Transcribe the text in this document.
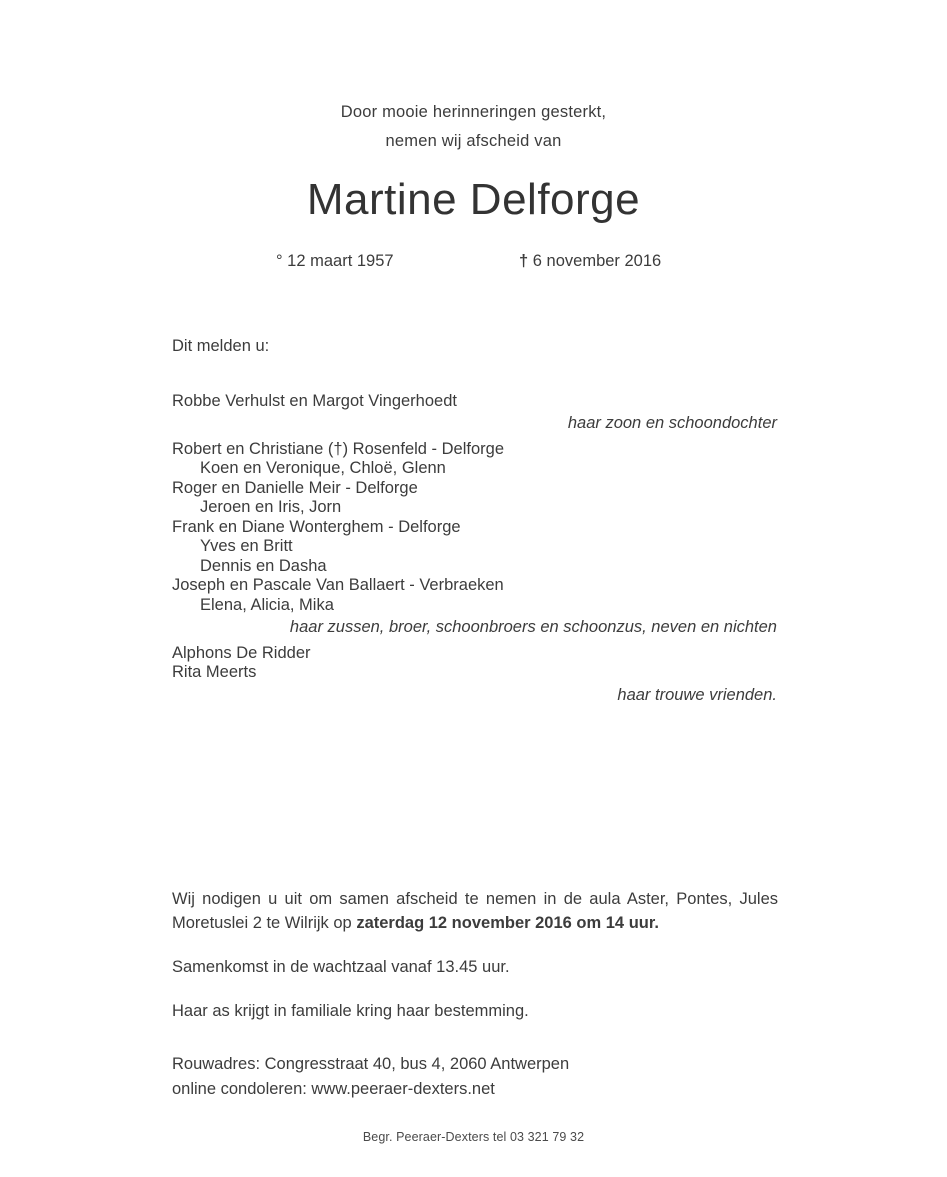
Door mooie herinneringen gesterkt,
nemen wij afscheid van
Martine Delforge
° 12 maart 1957	† 6 november 2016
Dit melden u:
Robbe Verhulst en Margot Vingerhoedt
haar zoon en schoondochter
Robert en Christiane (†) Rosenfeld - Delforge
Koen en Veronique, Chloë, Glenn
Roger en Danielle Meir - Delforge
Jeroen en Iris, Jorn
Frank en Diane Wonterghem - Delforge
Yves en Britt
Dennis en Dasha
Joseph en Pascale Van Ballaert - Verbraeken
Elena, Alicia, Mika
haar zussen, broer, schoonbroers en schoonzus, neven en nichten
Alphons De Ridder
Rita Meerts
haar trouwe vrienden.

Wij nodigen u uit om samen afscheid te nemen in de aula Aster, Pontes, Jules Moretuslei 2 te Wilrijk op zaterdag 12 november 2016 om 14 uur.

Samenkomst in de wachtzaal vanaf 13.45 uur.

Haar as krijgt in familiale kring haar bestemming.

Rouwadres: Congresstraat 40, bus 4, 2060 Antwerpen
online condoleren: www.peeraer-dexters.net
Begr. Peeraer-Dexters tel 03 321 79 32
